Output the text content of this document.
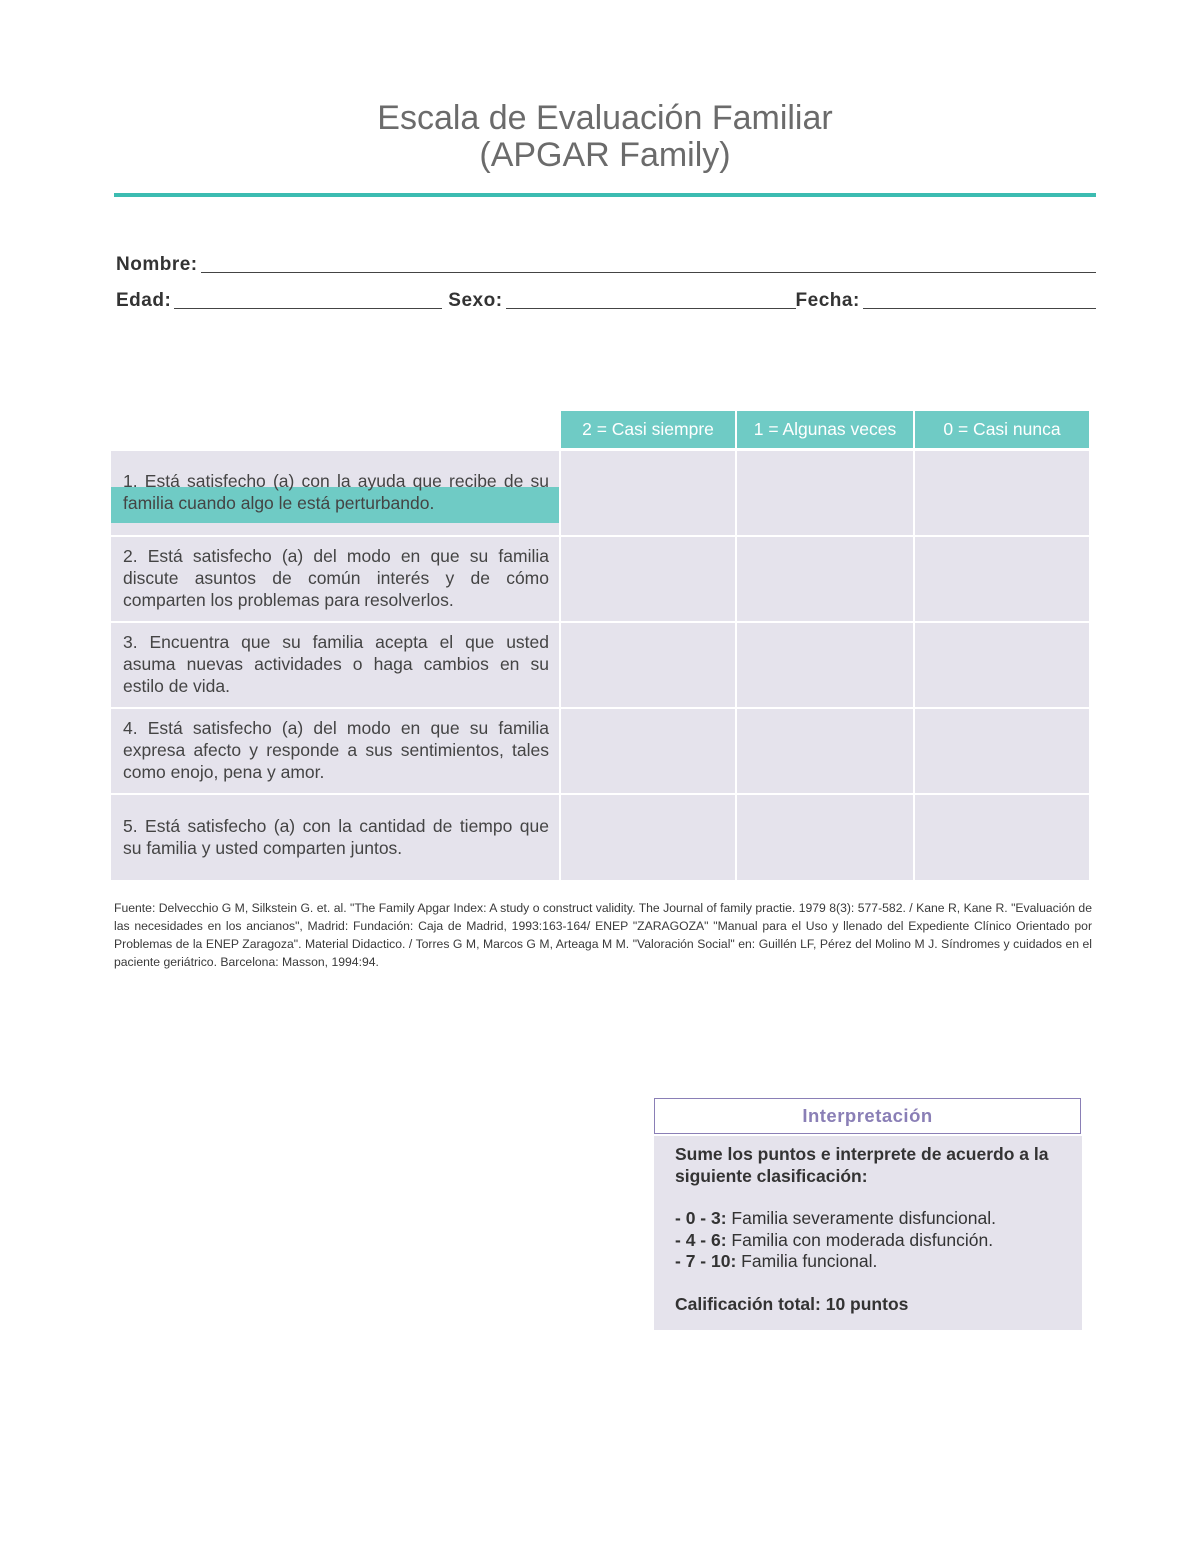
Escala de Evaluación Familiar
(APGAR Family)
Nombre:
Edad:	Sexo:	Fecha:
2 = Casi siempre	1 = Algunas veces	0 = Casi nunca
1. Está satisfecho (a) con la ayuda que recibe de su familia cuando algo le está perturbando.
2. Está satisfecho (a) del modo en que su familia discute asuntos de común interés y de cómo comparten los problemas para resolverlos.
3. Encuentra que su familia acepta el que usted asuma nuevas actividades o haga cambios en su estilo de vida.
4. Está satisfecho (a) del modo en que su familia expresa afecto y responde a sus sentimientos, tales como enojo, pena y amor.
5. Está satisfecho (a) con la cantidad de tiempo que su familia y usted comparten juntos.
Fuente: Delvecchio G M, Silkstein G. et. al. "The Family Apgar Index: A study o construct validity. The Journal of family practie. 1979 8(3): 577-582. / Kane R, Kane R. "Evaluación de las necesidades en los ancianos", Madrid: Fundación: Caja de Madrid, 1993:163-164/ ENEP "ZARAGOZA" "Manual para el Uso y llenado del Expediente Clínico Orientado por Problemas de la ENEP Zaragoza". Material Didactico. / Torres G M, Marcos G M, Arteaga M M. "Valoración Social" en: Guillén LF, Pérez del Molino M J. Síndromes y cuidados en el paciente geriátrico. Barcelona: Masson, 1994:94.
Interpretación
Sume los puntos e interprete de acuerdo a la siguiente clasificación:
- 0 - 3: Familia severamente disfuncional.
- 4 - 6: Familia con moderada disfunción.
- 7 - 10: Familia funcional.
Calificación total: 10 puntos
